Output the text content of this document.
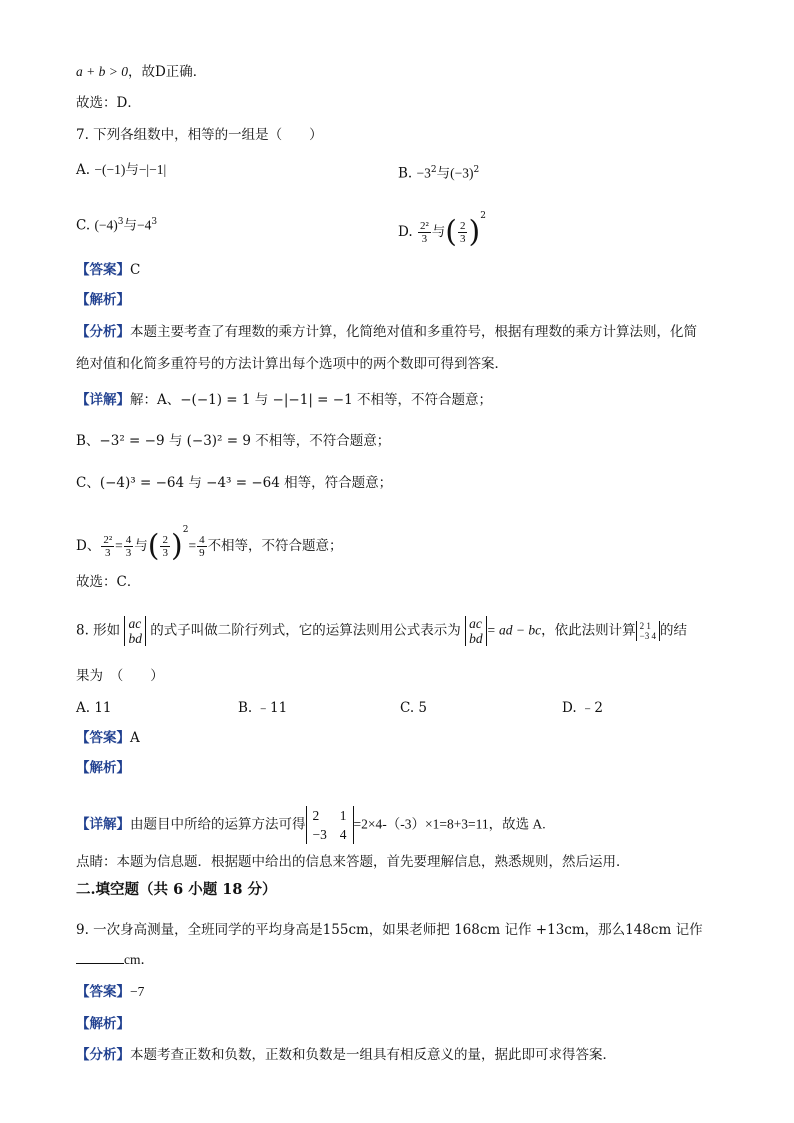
a + b > 0，故D正确．
故选：D．
7. 下列各组数中，相等的一组是（　　）
A. −(−1)与−|−1|	B. $-3^2$与$(-3)^2$
C. $(-4)^3$与$-4^3$
D. $\frac{\text{2²}}{3}$ 与( $\frac{2}{3} )^2$
【答案】C
【解析】
【分析】本题主要考查了有理数的乘方计算，化简绝对值和多重符号，根据有理数的乘方计算法则，化简
绝对值和化简多重符号的方法计算出每个选项中的两个数即可得到答案．
【详解】解：A、−(−1) = 1 与 −|−1| = −1 不相等，不符合题意；
B、−3² = −9 与 (−3)² = 9 不相等，不符合题意；
C、(−4)³ = −64 与 −4³ = −64 相等，符合题意；
D、 $\frac{\text{2²}}{3} = \frac{4}{3}$ 与( $\frac{2}{3} )^2= \frac{4}{9}$ 不相等，不符合题意；
故选：C．
8. 形如 ac
bd 的式子叫做二阶行列式，它的运算法则用公式表示为 ac
bd
= ad − bc，依此法则计算 2 1
−3 4 的结
果为　（　　）
A. 11	B. ﹣11	C. 5	D. ﹣2
【答案】A
【解析】
【详解】由题目中所给的运算方法可得
2 1
−3 4
=2×4-（-3）×1=8+3=11，故选 A.
点睛：本题为信息题．根据题中给出的信息来答题，首先要理解信息，熟悉规则，然后运用．
二.填空题（共 6 小题 18 分）
9. 一次身高测量，全班同学的平均身高是155cm，如果老师把 168cm 记作 +13cm，那么148cm 记作
cm．
【答案】−7
【解析】
【分析】本题考查正数和负数，正数和负数是一组具有相反意义的量，据此即可求得答案．
